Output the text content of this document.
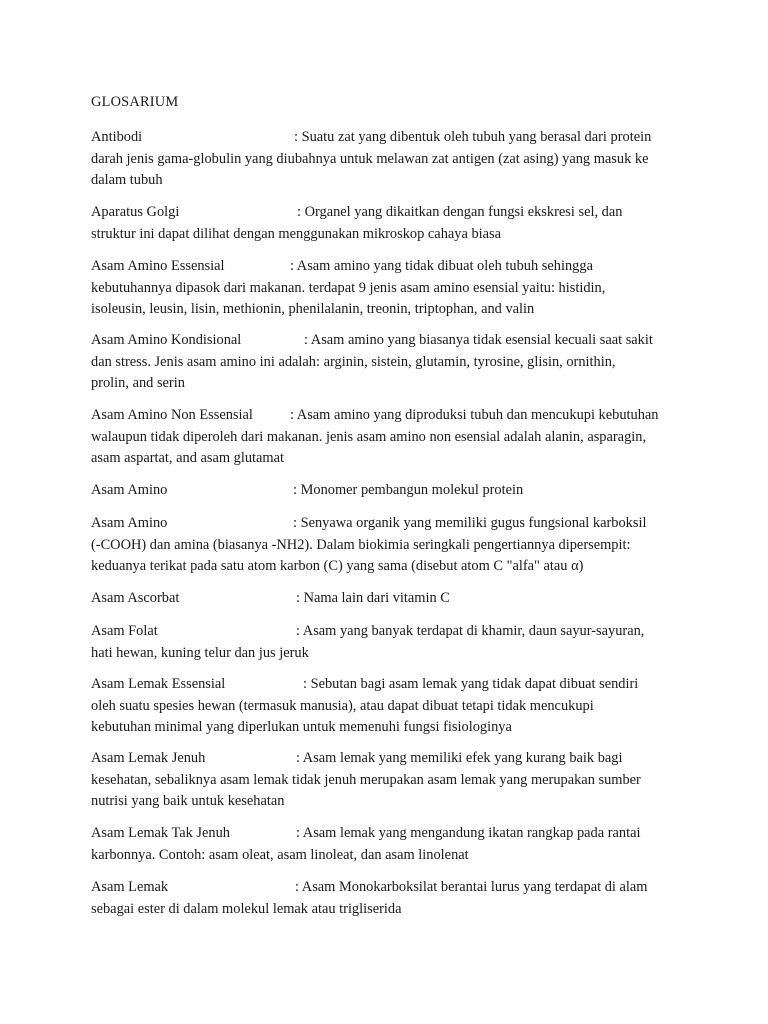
GLOSARIUM
Antibodi	: Suatu zat yang dibentuk oleh tubuh yang berasal dari protein
darah jenis gama-globulin yang diubahnya untuk melawan zat antigen (zat asing) yang masuk ke
dalam tubuh
Aparatus Golgi	: Organel yang dikaitkan dengan fungsi ekskresi sel, dan
struktur ini dapat dilihat dengan menggunakan mikroskop cahaya biasa
Asam Amino Essensial	: Asam amino yang tidak dibuat oleh tubuh sehingga
kebutuhannya dipasok dari makanan. terdapat 9 jenis asam amino esensial yaitu: histidin,
isoleusin, leusin, lisin, methionin, phenilalanin, treonin, triptophan, and valin
Asam Amino Kondisional	: Asam amino yang biasanya tidak esensial kecuali saat sakit
dan stress. Jenis asam amino ini adalah: arginin, sistein, glutamin, tyrosine, glisin, ornithin,
prolin, and serin
Asam Amino Non Essensial	: Asam amino yang diproduksi tubuh dan mencukupi kebutuhan
walaupun tidak diperoleh dari makanan. jenis asam amino non esensial adalah alanin, asparagin,
asam aspartat, and asam glutamat
Asam Amino	: Monomer pembangun molekul protein
Asam Amino	: Senyawa organik yang memiliki gugus fungsional karboksil
(-COOH) dan amina (biasanya -NH2). Dalam biokimia seringkali pengertiannya dipersempit:
keduanya terikat pada satu atom karbon (C) yang sama (disebut atom C "alfa" atau α)
Asam Ascorbat	: Nama lain dari vitamin C
Asam Folat	: Asam yang banyak terdapat di khamir, daun sayur-sayuran,
hati hewan, kuning telur dan jus jeruk
Asam Lemak Essensial	: Sebutan bagi asam lemak yang tidak dapat dibuat sendiri
oleh suatu spesies hewan (termasuk manusia), atau dapat dibuat tetapi tidak mencukupi
kebutuhan minimal yang diperlukan untuk memenuhi fungsi fisiologinya
Asam Lemak Jenuh	: Asam lemak yang memiliki efek yang kurang baik bagi
kesehatan, sebaliknya asam lemak tidak jenuh merupakan asam lemak yang merupakan sumber
nutrisi yang baik untuk kesehatan
Asam Lemak Tak Jenuh	: Asam lemak yang mengandung ikatan rangkap pada rantai
karbonnya. Contoh: asam oleat, asam linoleat, dan asam linolenat
Asam Lemak	: Asam Monokarboksilat berantai lurus yang terdapat di alam
sebagai ester di dalam molekul lemak atau trigliserida
